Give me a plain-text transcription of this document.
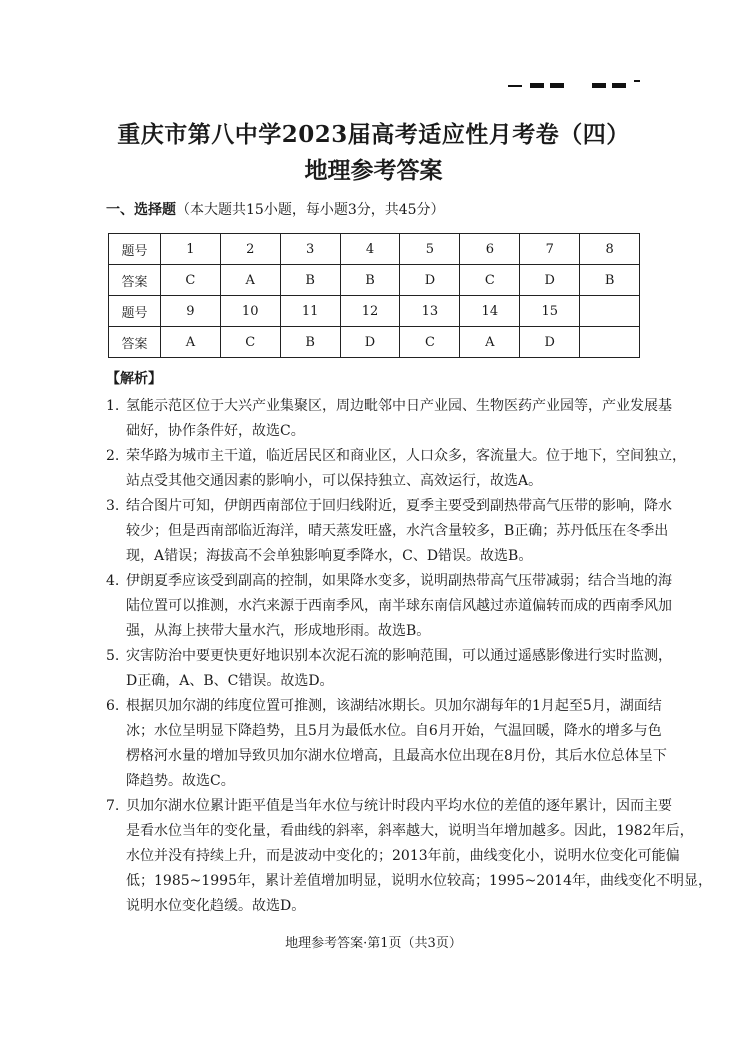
重庆市第八中学2023届高考适应性月考卷（四）
地理参考答案
一、选择题（本大题共15小题，每小题3分，共45分）
题号	1	2	3	4	5	6	7	8
答案	C	A	B	B	D	C	D	B
题号	9	10	11	12	13	14	15	
答案	A	C	B	D	C	A	D	
【解析】
1. 氢能示范区位于大兴产业集聚区，周边毗邻中日产业园、生物医药产业园等，产业发展基
础好，协作条件好，故选C。
2. 荣华路为城市主干道，临近居民区和商业区，人口众多，客流量大。位于地下，空间独立，
站点受其他交通因素的影响小，可以保持独立、高效运行，故选A。
3. 结合图片可知，伊朗西南部位于回归线附近，夏季主要受到副热带高气压带的影响，降水
较少；但是西南部临近海洋，晴天蒸发旺盛，水汽含量较多，B正确；苏丹低压在冬季出
现，A错误；海拔高不会单独影响夏季降水，C、D错误。故选B。
4. 伊朗夏季应该受到副高的控制，如果降水变多，说明副热带高气压带减弱；结合当地的海
陆位置可以推测，水汽来源于西南季风，南半球东南信风越过赤道偏转而成的西南季风加
强，从海上挟带大量水汽，形成地形雨。故选B。
5. 灾害防治中要更快更好地识别本次泥石流的影响范围，可以通过遥感影像进行实时监测，
D正确，A、B、C错误。故选D。
6. 根据贝加尔湖的纬度位置可推测，该湖结冰期长。贝加尔湖每年的1月起至5月，湖面结
冰；水位呈明显下降趋势，且5月为最低水位。自6月开始，气温回暖，降水的增多与色
楞格河水量的增加导致贝加尔湖水位增高，且最高水位出现在8月份，其后水位总体呈下
降趋势。故选C。
7. 贝加尔湖水位累计距平值是当年水位与统计时段内平均水位的差值的逐年累计，因而主要
是看水位当年的变化量，看曲线的斜率，斜率越大，说明当年增加越多。因此，1982年后，
水位并没有持续上升，而是波动中变化的；2013年前，曲线变化小，说明水位变化可能偏
低；1985~1995年，累计差值增加明显，说明水位较高；1995~2014年，曲线变化不明显，
说明水位变化趋缓。故选D。
地理参考答案·第1页（共3页）
